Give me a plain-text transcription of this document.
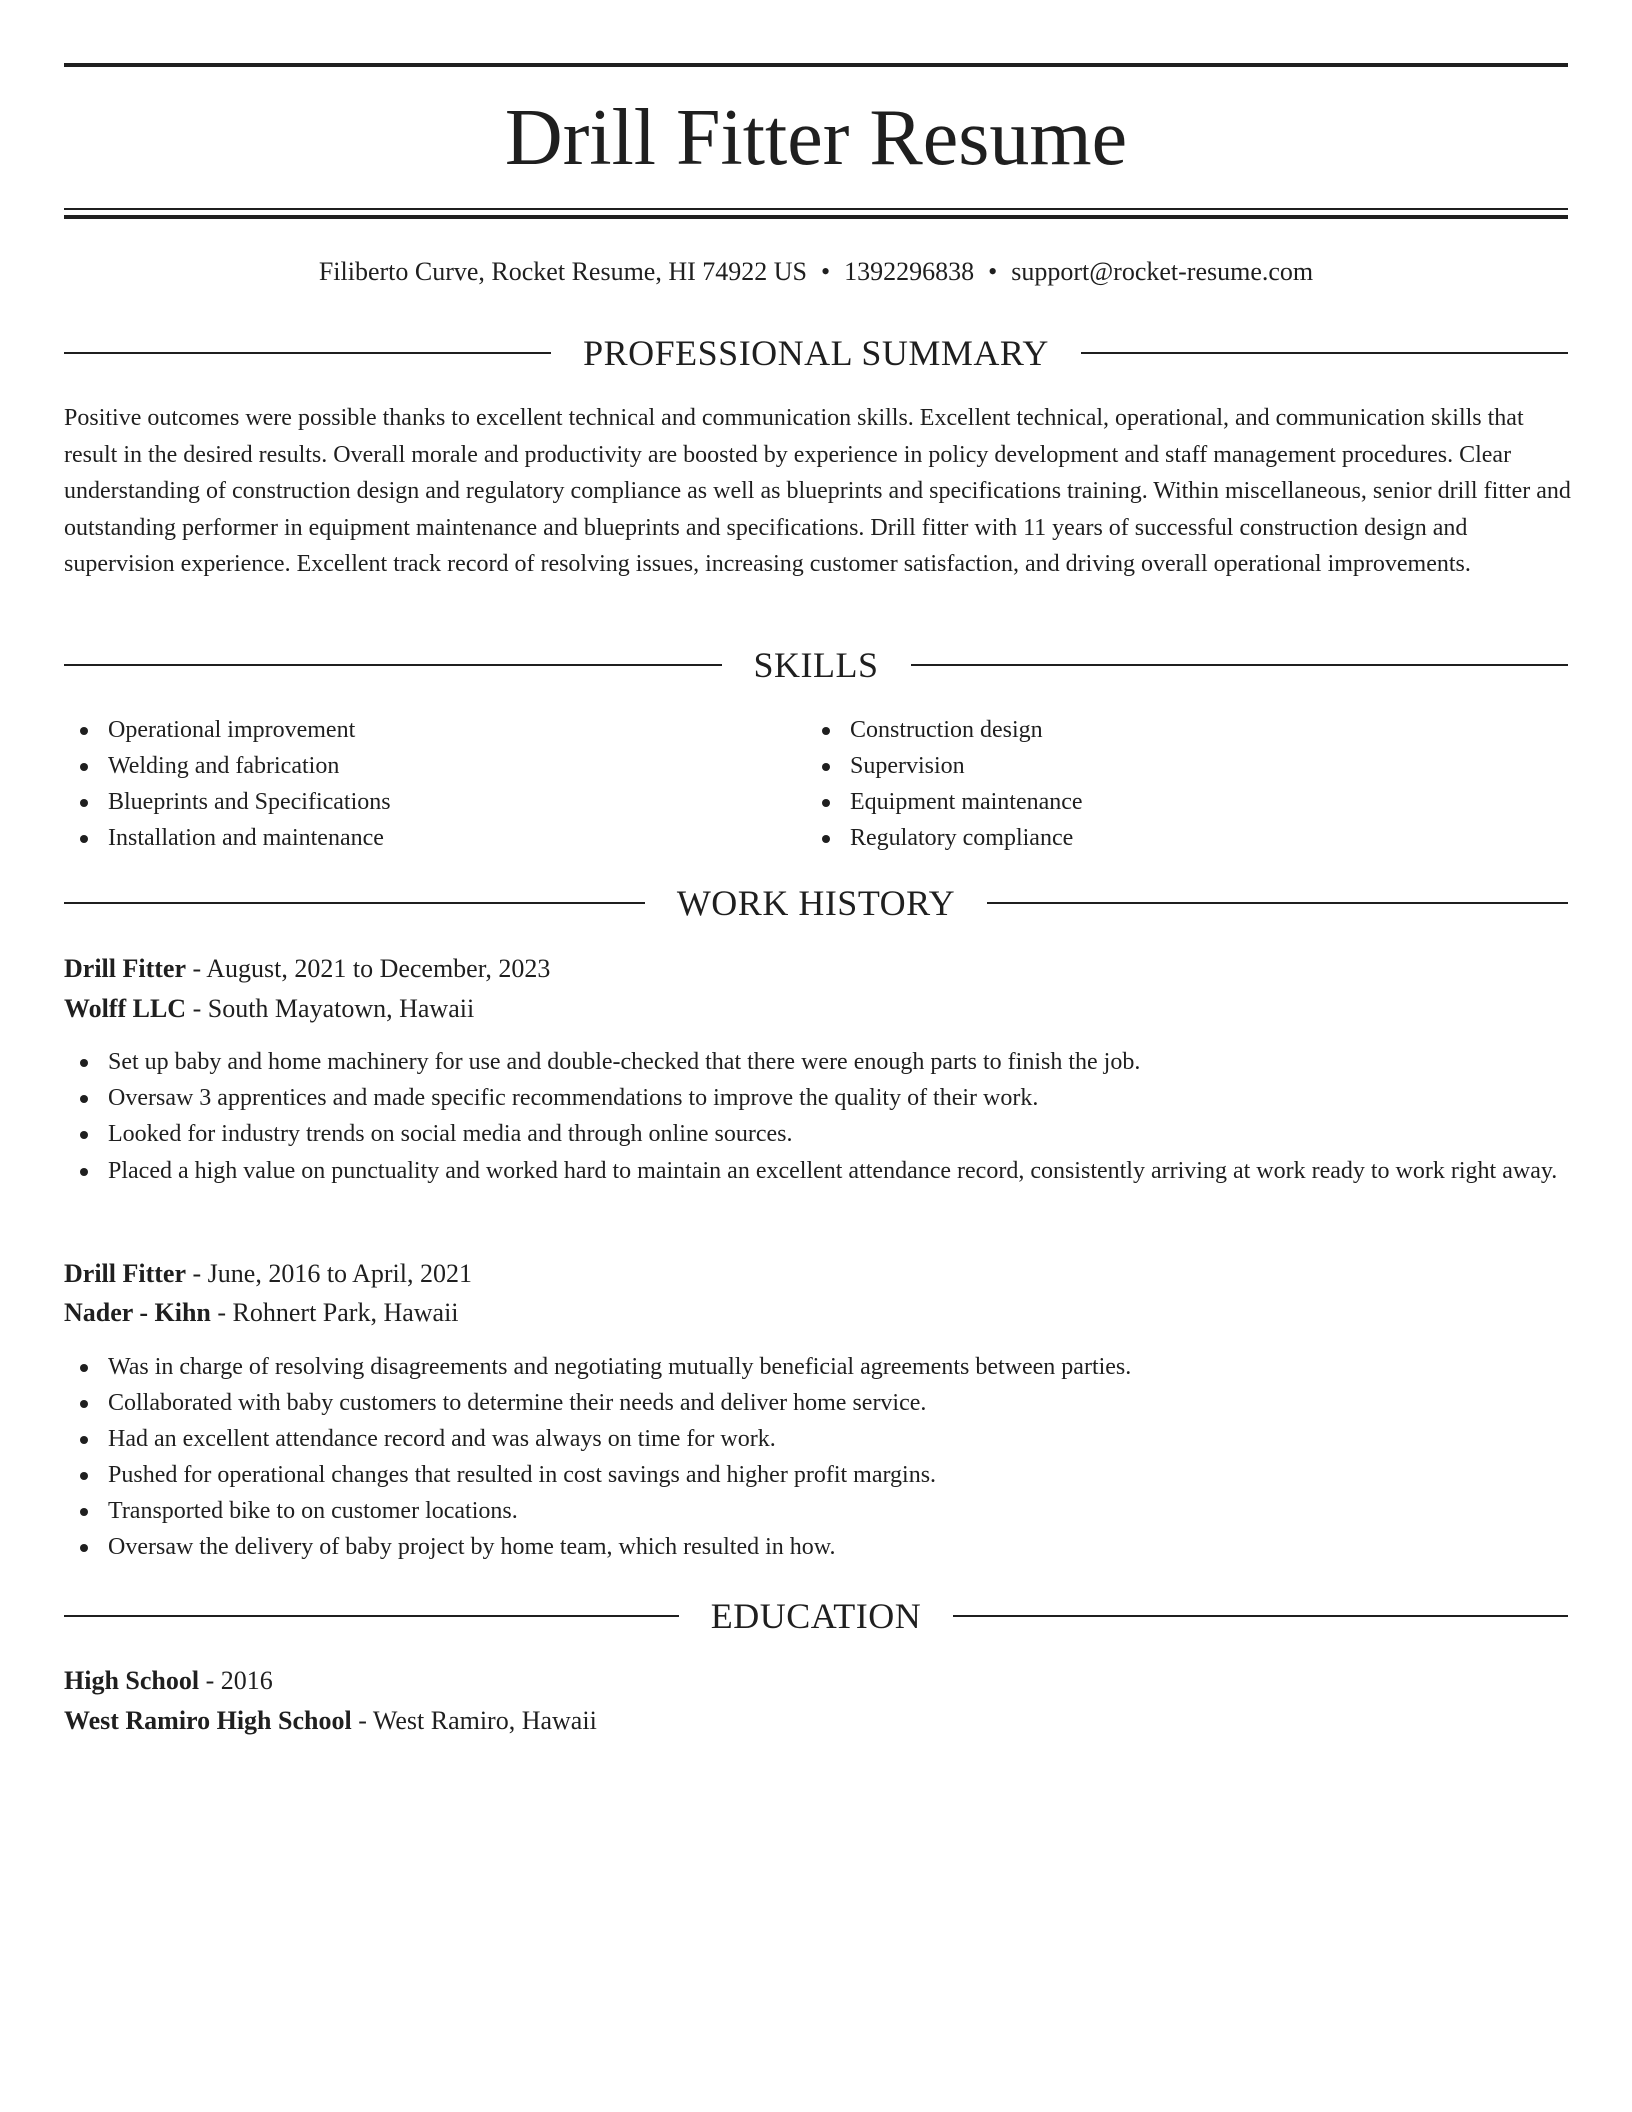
Drill Fitter Resume
Filiberto Curve, Rocket Resume, HI 74922 US • 1392296838 • support@rocket-resume.com
PROFESSIONAL SUMMARY

Positive outcomes were possible thanks to excellent technical and communication skills. Excellent technical, operational, and communication skills that result in the desired results. Overall morale and productivity are boosted by experience in policy development and staff management procedures. Clear understanding of construction design and regulatory compliance as well as blueprints and specifications training. Within miscellaneous, senior drill fitter and outstanding performer in equipment maintenance and blueprints and specifications. Drill fitter with 11 years of successful construction design and supervision experience. Excellent track record of resolving issues, increasing customer satisfaction, and driving overall operational improvements.

SKILLS
Operational improvement
Welding and fabrication
Blueprints and Specifications
Installation and maintenance
Construction design
Supervision
Equipment maintenance
Regulatory compliance
WORK HISTORY
Drill Fitter - August, 2021 to December, 2023
Wolff LLC - South Mayatown, Hawaii
Set up baby and home machinery for use and double-checked that there were enough parts to finish the job.
Oversaw 3 apprentices and made specific recommendations to improve the quality of their work.
Looked for industry trends on social media and through online sources.
Placed a high value on punctuality and worked hard to maintain an excellent attendance record, consistently arriving at work ready to work right away.
Drill Fitter - June, 2016 to April, 2021
Nader - Kihn - Rohnert Park, Hawaii
Was in charge of resolving disagreements and negotiating mutually beneficial agreements between parties.
Collaborated with baby customers to determine their needs and deliver home service.
Had an excellent attendance record and was always on time for work.
Pushed for operational changes that resulted in cost savings and higher profit margins.
Transported bike to on customer locations.
Oversaw the delivery of baby project by home team, which resulted in how.
EDUCATION
High School - 2016
West Ramiro High School - West Ramiro, Hawaii
